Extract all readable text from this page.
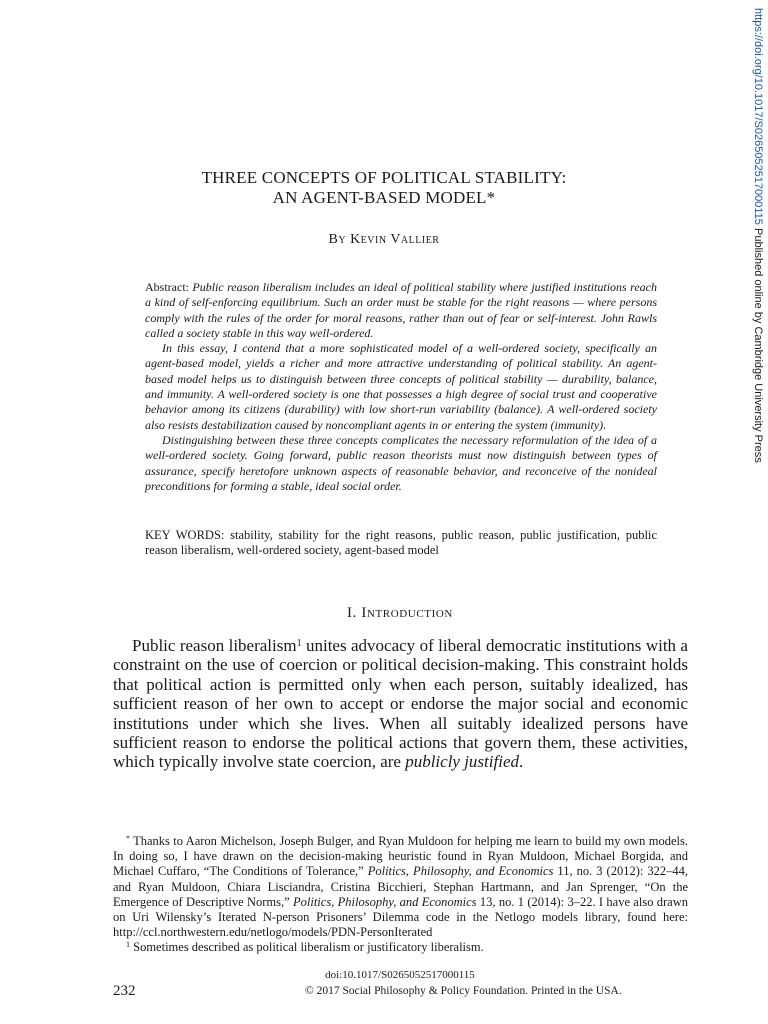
https://doi.org/10.1017/S0265052517000115 Published online by Cambridge University Press
THREE CONCEPTS OF POLITICAL STABILITY:
AN AGENT-BASED MODEL*
By Kevin Vallier

Abstract: Public reason liberalism includes an ideal of political stability where justified institutions reach a kind of self-enforcing equilibrium. Such an order must be stable for the right reasons — where persons comply with the rules of the order for moral reasons, rather than out of fear or self-interest. John Rawls called a society stable in this way well-ordered.

In this essay, I contend that a more sophisticated model of a well-ordered society, specifically an agent-based model, yields a richer and more attractive understanding of political stability. An agent-based model helps us to distinguish between three concepts of political stability — durability, balance, and immunity. A well-ordered society is one that possesses a high degree of social trust and cooperative behavior among its citizens (durability) with low short-run variability (balance). A well-ordered society also resists destabilization caused by noncompliant agents in or entering the system (immunity).

Distinguishing between these three concepts complicates the necessary reformulation of the idea of a well-ordered society. Going forward, public reason theorists must now distinguish between types of assurance, specify heretofore unknown aspects of reasonable behavior, and reconceive of the nonideal preconditions for forming a stable, ideal social order.

KEY WORDS: stability, stability for the right reasons, public reason, public justification, public reason liberalism, well-ordered society, agent-based model
I. Introduction

Public reason liberalism$^1$ unites advocacy of liberal democratic institutions with a constraint on the use of coercion or political decision-making. This constraint holds that political action is permitted only when each person, suitably idealized, has sufficient reason of her own to accept or endorse the major social and economic institutions under which she lives. When all suitably idealized persons have sufficient reason to endorse the political actions that govern them, these activities, which typically involve state coercion, are publicly justified.

* Thanks to Aaron Michelson, Joseph Bulger, and Ryan Muldoon for helping me learn to build my own models. In doing so, I have drawn on the decision-making heuristic found in Ryan Muldoon, Michael Borgida, and Michael Cuffaro, “The Conditions of Tolerance,” Politics, Philosophy, and Economics 11, no. 3 (2012): 322–44, and Ryan Muldoon, Chiara Lisciandra, Cristina Bicchieri, Stephan Hartmann, and Jan Sprenger, “On the Emergence of Descriptive Norms,” Politics, Philosophy, and Economics 13, no. 1 (2014): 3–22. I have also drawn on Uri Wilensky’s Iterated N-person Prisoners’ Dilemma code in the Netlogo models library, found here: http://ccl.northwestern.edu/netlogo/models/PDN-PersonIterated

$^1$ Sometimes described as political liberalism or justificatory liberalism.

doi:10.1017/S0265052517000115
232	© 2017 Social Philosophy & Policy Foundation. Printed in the USA.
